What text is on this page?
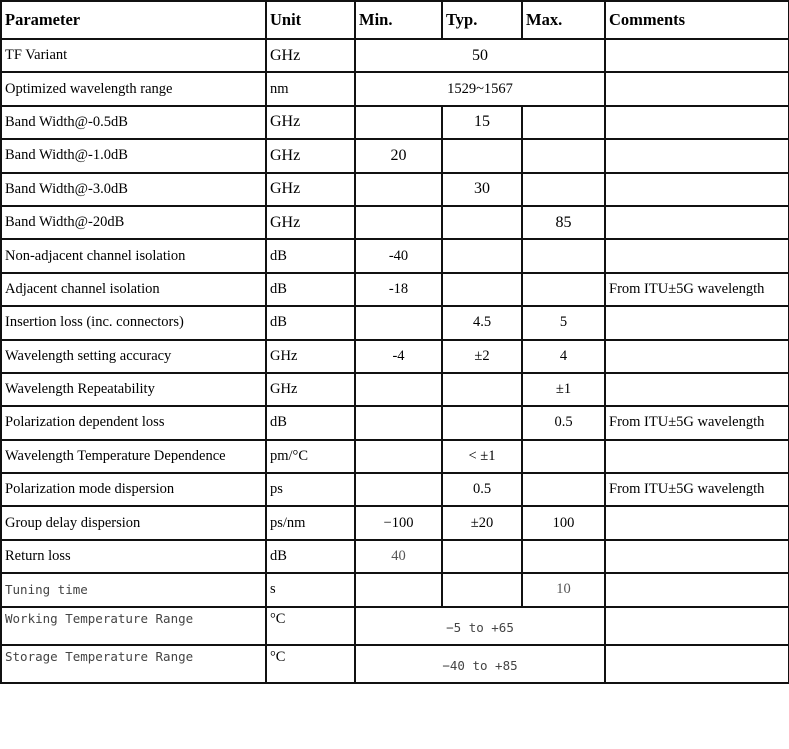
Parameter	Unit	Min.	Typ.	Max.	Comments
TF Variant	GHz	50			
Optimized wavelength range	nm	1529~1567			
Band Width@-0.5dB	GHz		15		
Band Width@-1.0dB	GHz	20			
Band Width@-3.0dB	GHz		30		
Band Width@-20dB	GHz			85	
Non-adjacent channel isolation	dB	-40			
Adjacent channel isolation	dB	-18			From ITU±5G wavelength
Insertion loss (inc. connectors)	dB		4.5	5	
Wavelength setting accuracy	GHz	-4	±2	4	
Wavelength Repeatability	GHz			±1	
Polarization dependent loss	dB			0.5	From ITU±5G wavelength
Wavelength Temperature Dependence	pm/°C		< ±1		
Polarization mode dispersion	ps		0.5		From ITU±5G wavelength
Group delay dispersion	ps/nm	−100	±20	100	
Return loss	dB	40			
Tuning time	s			10	
Working Temperature Range	°C	−5 to +65			
Storage Temperature Range	°C	−40 to +85			
